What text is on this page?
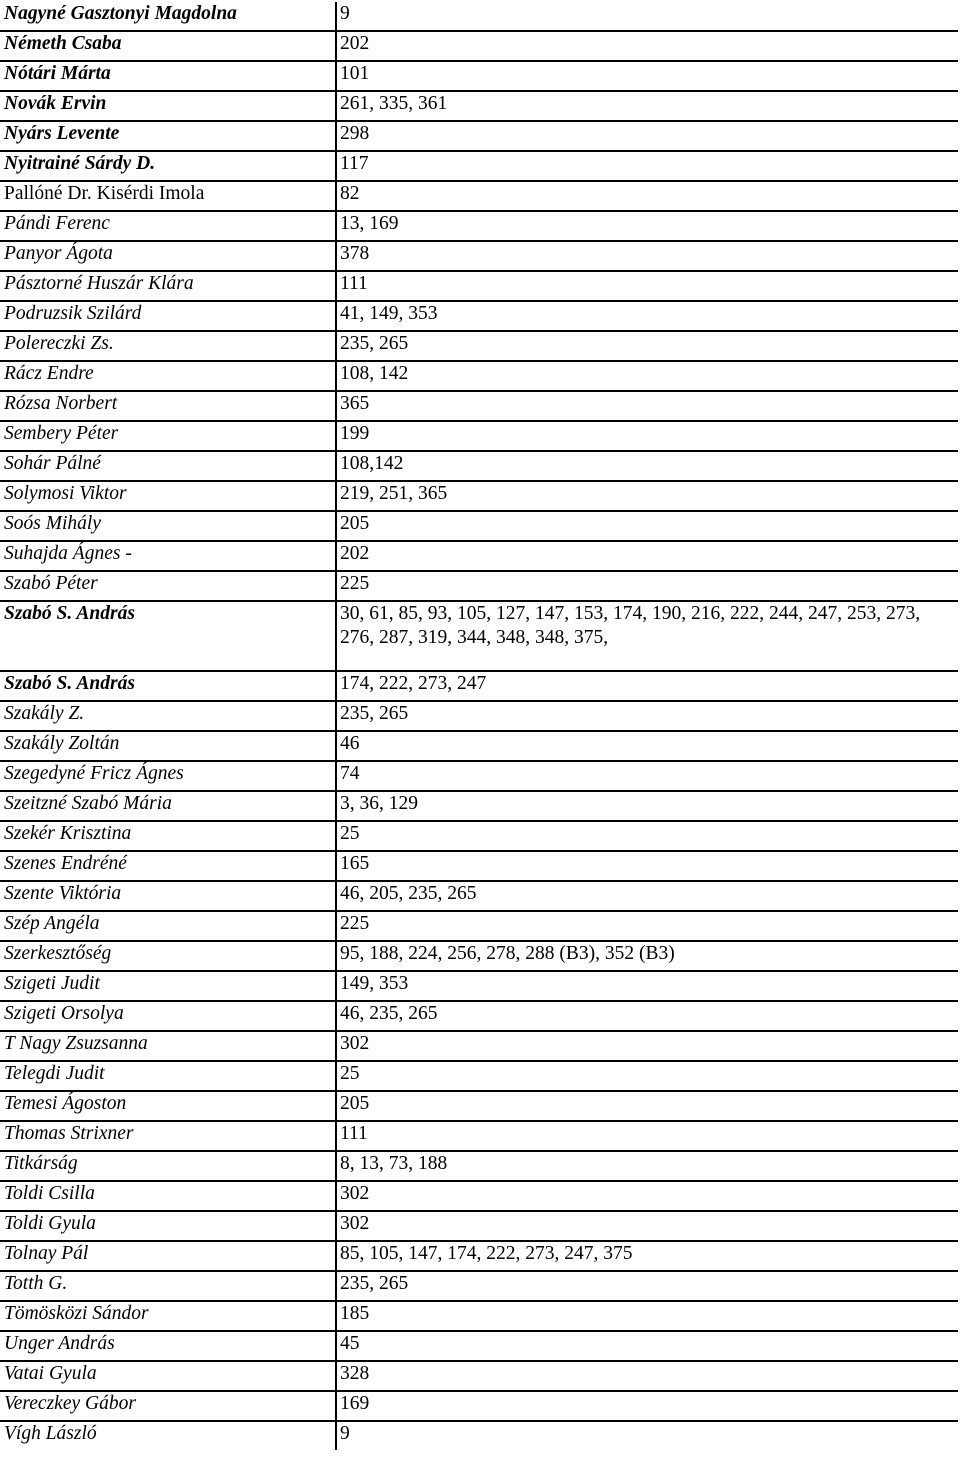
Nagyné Gasztonyi Magdolna	9
Németh Csaba	202
Nótári Márta	101
Novák Ervin	261, 335, 361
Nyárs Levente	298
Nyitrainé Sárdy D.	117
Pallóné Dr. Kisérdi Imola	82
Pándi Ferenc	13, 169
Panyor Ágota	378
Pásztorné Huszár Klára	111
Podruzsik Szilárd	41, 149, 353
Polereczki Zs.	235, 265
Rácz Endre	108, 142
Rózsa Norbert	365
Sembery Péter	199
Sohár Pálné	108,142
Solymosi Viktor	219, 251, 365
Soós Mihály	205
Suhajda Ágnes -	202
Szabó Péter	225
Szabó S. András	30, 61, 85, 93, 105, 127, 147, 153, 174, 190, 216, 222, 244, 247, 253, 273, 276, 287, 319, 344, 348, 348, 375,
Szabó S. András	174, 222, 273, 247
Szakály Z.	235, 265
Szakály Zoltán	46
Szegedyné Fricz Ágnes	74
Szeitzné Szabó Mária	3, 36, 129
Szekér Krisztina	25
Szenes Endréné	165
Szente Viktória	46, 205, 235, 265
Szép Angéla	225
Szerkesztőség	95, 188, 224, 256, 278, 288 (B3), 352 (B3)
Szigeti Judit	149, 353
Szigeti Orsolya	46, 235, 265
T Nagy Zsuzsanna	302
Telegdi Judit	25
Temesi Ágoston	205
Thomas Strixner	111
Titkárság	8, 13, 73, 188
Toldi Csilla	302
Toldi Gyula	302
Tolnay Pál	85, 105, 147, 174, 222, 273, 247, 375
Totth G.	235, 265
Tömösközi Sándor	185
Unger András	45
Vatai Gyula	328
Vereczkey Gábor	169
Vígh László	9
